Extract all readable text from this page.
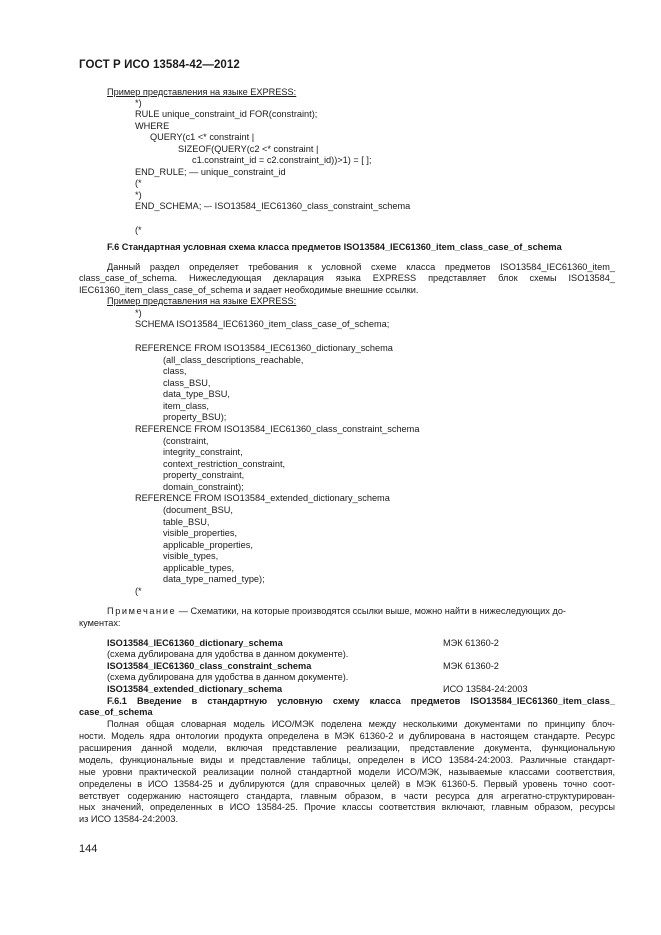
ГОСТ Р ИСО 13584-42—2012
Пример представления на языке EXPRESS:
*)
RULE unique_constraint_id FOR(constraint);
WHERE
QUERY(c1 <* constraint |
SIZEOF(QUERY(c2 <* constraint |
c1.constraint_id = c2.constraint_id))>1) = [ ];
END_RULE; — unique_constraint_id
(*
*)
END_SCHEMA; –- ISO13584_IEC61360_class_constraint_schema
(*
F.6 Стандартная условная схема класса предметов ISO13584_IEC61360_item_class_case_of_schema
Данный раздел определяет требования к условной схеме класса предметов ISO13584_IEC61360_item_
class_case_of_schema. Нижеследующая декларация языка EXPRESS представляет блок схемы ISO13584_
IEC61360_item_class_case_of_schema и задает необходимые внешние ссылки.
Пример представления на языке EXPRESS:
*)
SCHEMA ISO13584_IEC61360_item_class_case_of_schema;
REFERENCE FROM ISO13584_IEC61360_dictionary_schema
(all_class_descriptions_reachable,
class,
class_BSU,
data_type_BSU,
item_class,
property_BSU);
REFERENCE FROM ISO13584_IEC61360_class_constraint_schema
(constraint,
integrity_constraint,
context_restriction_constraint,
property_constraint,
domain_constraint);
REFERENCE FROM ISO13584_extended_dictionary_schema
(document_BSU,
table_BSU,
visible_properties,
applicable_properties,
visible_types,
applicable_types,
data_type_named_type);
(*
Примечание — Схематики, на которые производятся ссылки выше, можно найти в нижеследующих до-
кументах:
ISO13584_IEC61360_dictionary_schema	МЭК 61360-2
(схема дублирована для удобства в данном документе).
ISO13584_IEC61360_class_constraint_schema	МЭК 61360-2
(схема дублирована для удобства в данном документе).
ISO13584_extended_dictionary_schema	ИСО 13584-24:2003
F.6.1 Введение в стандартную условную схему класса предметов ISO13584_IEC61360_item_class_
case_of_schema
Полная общая словарная модель ИСО/МЭК поделена между несколькими документами по принципу блоч-
ности. Модель ядра онтологии продукта определена в МЭК 61360-2 и дублирована в настоящем стандарте. Ресурс
расширения данной модели, включая представление реализации, представление документа, функциональную
модель, функциональные виды и представление таблицы, определен в ИСО 13584-24:2003. Различные стандарт-
ные уровни практической реализации полной стандартной модели ИСО/МЭК, называемые классами соответствия,
определены в ИСО 13584-25 и дублируются (для справочных целей) в МЭК 61360-5. Первый уровень точно соот-
ветствует содержанию настоящего стандарта, главным образом, в части ресурса для агрегатно-структурирован-
ных значений, определенных в ИСО 13584-25. Прочие классы соответствия включают, главным образом, ресурсы
из ИСО 13584-24:2003.
144
